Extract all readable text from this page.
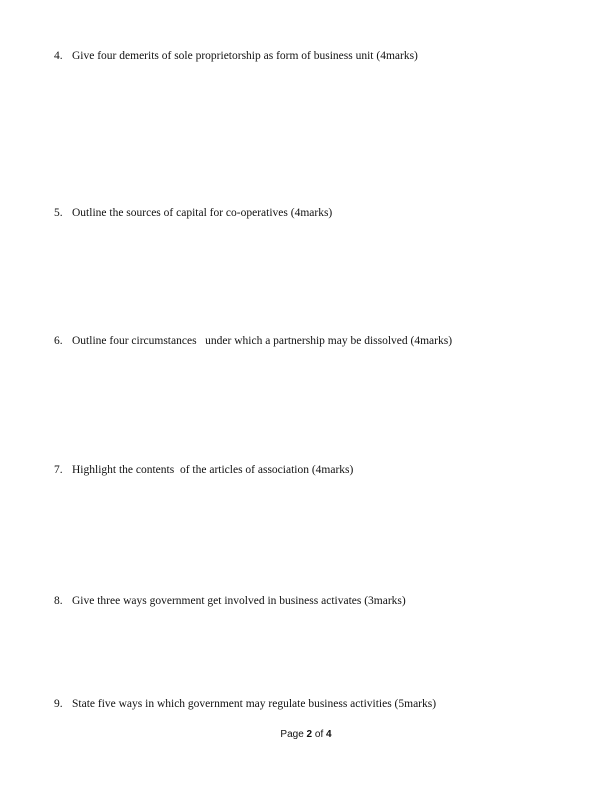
4. Give four demerits of sole proprietorship as form of business unit (4marks)

5. Outline the sources of capital for co-operatives (4marks)

6. Outline four circumstances   under which a partnership may be dissolved (4marks)

7. Highlight the contents  of the articles of association (4marks)

8. Give three ways government get involved in business activates (3marks)

9. State five ways in which government may regulate business activities (5marks)

Page 2 of 4
